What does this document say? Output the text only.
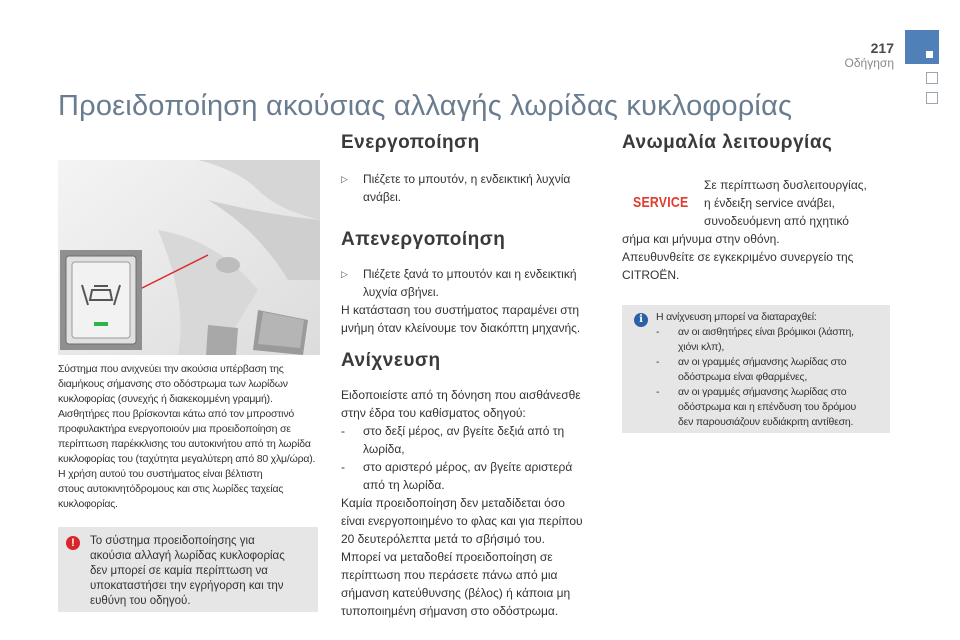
217
Οδήγηση
Προειδοποίηση ακούσιας αλλαγής λωρίδας κυκλοφορίας
Σύστημα που ανιχνεύει την ακούσια υπέρβαση της
διαμήκους σήμανσης στο οδόστρωμα των λωρίδων
κυκλοφορίας (συνεχής ή διακεκομμένη γραμμή).
Αισθητήρες που βρίσκονται κάτω από τον μπροστινό
προφυλακτήρα ενεργοποιούν μια προειδοποίηση σε
περίπτωση παρέκκλισης του αυτοκινήτου από τη λωρίδα
κυκλοφορίας του (ταχύτητα μεγαλύτερη από 80 χλμ/ώρα).
Η χρήση αυτού του συστήματος είναι βέλτιστη
στους αυτοκινητόδρομους και στις λωρίδες ταχείας
κυκλοφορίας.
!	Το σύστημα προειδοποίησης για
ακούσια αλλαγή λωρίδας κυκλοφορίας
δεν μπορεί σε καμία περίπτωση να
υποκαταστήσει την εγρήγορση και την
ευθύνη του οδηγού.
Ενεργοποίηση
▷ Πιέζετε το μπουτόν, η ενδεικτική λυχνία
ανάβει.
Απενεργοποίηση
▷ Πιέζετε ξανά το μπουτόν και η ενδεικτική
λυχνία σβήνει.
Η κατάσταση του συστήματος παραμένει στη
μνήμη όταν κλείνουμε τον διακόπτη μηχανής.
Ανίχνευση
Ειδοποιείστε από τη δόνηση που αισθάνεσθε
στην έδρα του καθίσματος οδηγού:
- στο δεξί μέρος, αν βγείτε δεξιά από τη
λωρίδα,
- στο αριστερό μέρος, αν βγείτε αριστερά
από τη λωρίδα.
Καμία προειδοποίηση δεν μεταδίδεται όσο
είναι ενεργοποιημένο το φλας και για περίπου
20 δευτερόλεπτα μετά το σβήσιμό του.
Μπορεί να μεταδοθεί προειδοποίηση σε
περίπτωση που περάσετε πάνω από μια
σήμανση κατεύθυνσης (βέλος) ή κάποια μη
τυποποιημένη σήμανση στο οδόστρωμα.
Ανωμαλία λειτουργίας
SERVICE
Σε περίπτωση δυσλειτουργίας,
η ένδειξη service ανάβει,
συνοδευόμενη από ηχητικό
σήμα και μήνυμα στην οθόνη.
Απευθυνθείτε σε εγκεκριμένο συνεργείο της
CITROËN.
i	Η ανίχνευση μπορεί να διαταραχθεί:
- αν οι αισθητήρες είναι βρόμικοι (λάσπη,
χιόνι κλπ),
- αν οι γραμμές σήμανσης λωρίδας στο
οδόστρωμα είναι φθαρμένες,
- αν οι γραμμές σήμανσης λωρίδας στο
οδόστρωμα και η επένδυση του δρόμου
δεν παρουσιάζουν ευδιάκριτη αντίθεση.
